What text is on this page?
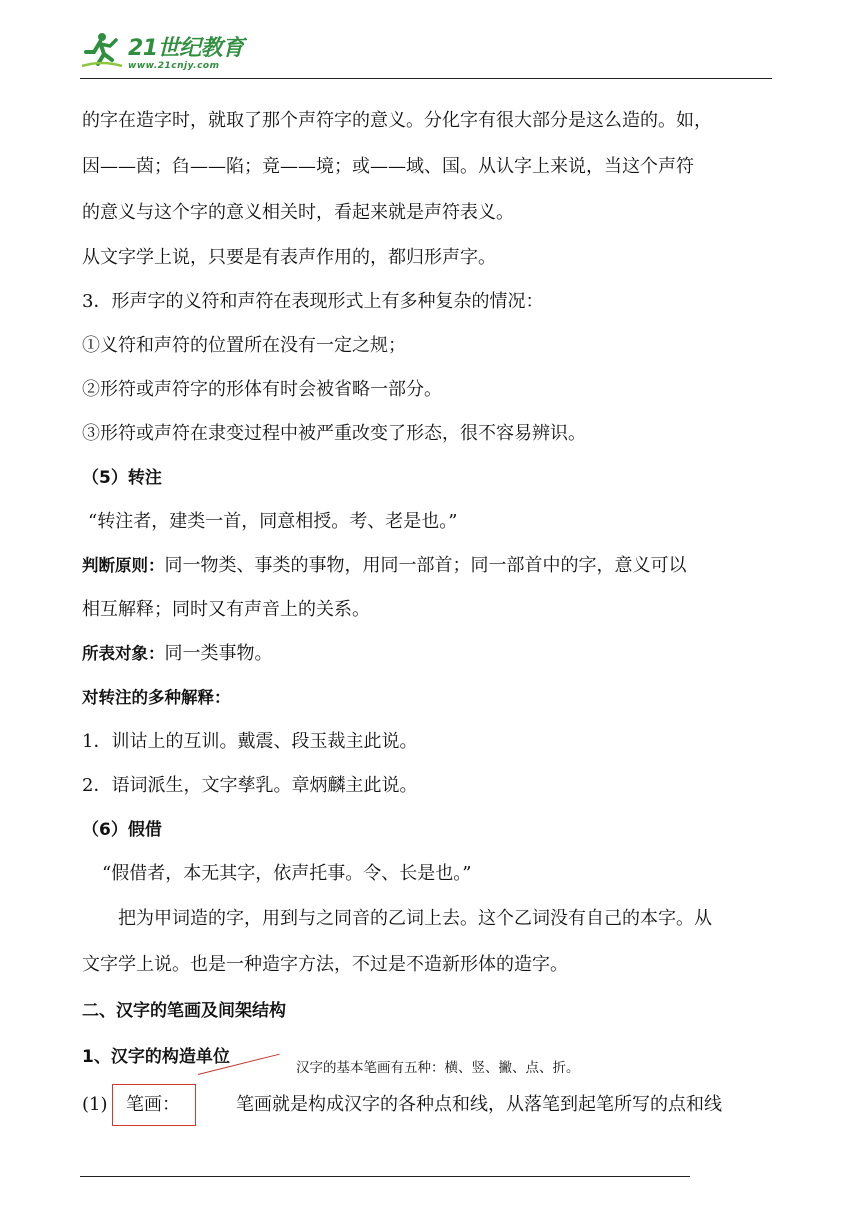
21世纪教育
www.21cnjy.com
的字在造字时，就取了那个声符字的意义。分化字有很大部分是这么造的。如，
因——茵；臽——陷；竟——境；或——域、国。从认字上来说，当这个声符
的意义与这个字的意义相关时，看起来就是声符表义。
从文字学上说，只要是有表声作用的，都归形声字。
3．形声字的义符和声符在表现形式上有多种复杂的情况：
①义符和声符的位置所在没有一定之规；
②形符或声符字的形体有时会被省略一部分。
③形符或声符在隶变过程中被严重改变了形态，很不容易辨识。
（5）转注
“转注者，建类一首，同意相授。考、老是也。”
判断原则：同一物类、事类的事物，用同一部首；同一部首中的字，意义可以
相互解释；同时又有声音上的关系。
所表对象：同一类事物。
对转注的多种解释：
1．训诂上的互训。戴震、段玉裁主此说。
2．语词派生，文字孳乳。章炳麟主此说。
（6）假借
“假借者，本无其字，依声托事。令、长是也。”
把为甲词造的字，用到与之同音的乙词上去。这个乙词没有自己的本字。从
文字学上说。也是一种造字方法，不过是不造新形体的造字。
二、汉字的笔画及间架结构
1、汉字的构造单位
汉字的基本笔画有五种：横、竖、撇、点、折。
(1) 笔画：	笔画就是构成汉字的各种点和线，从落笔到起笔所写的点和线
